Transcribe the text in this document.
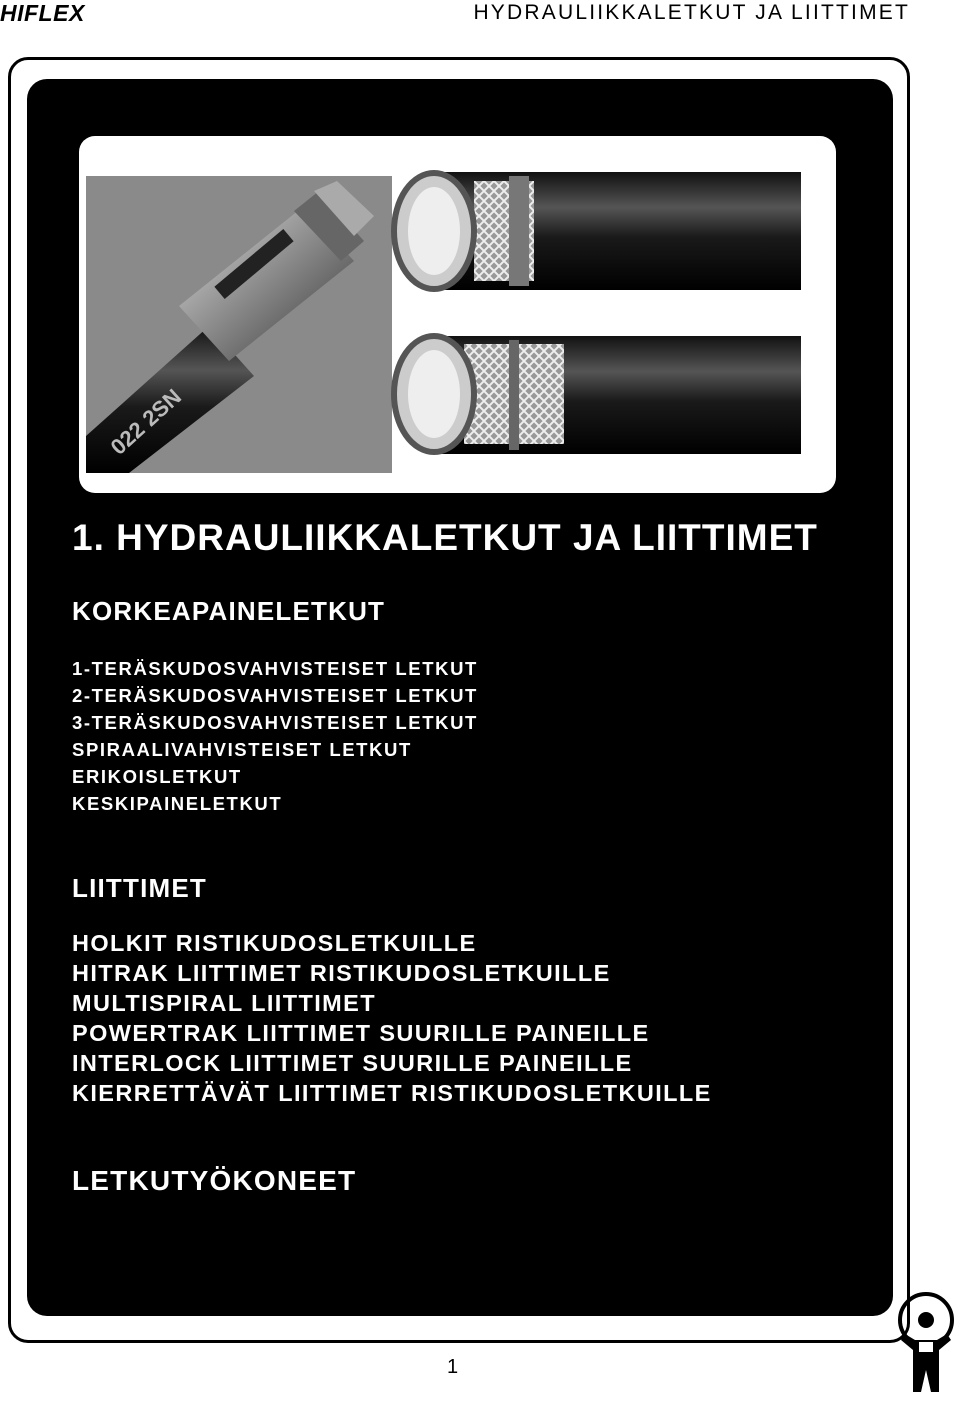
HIFLEX	HYDRAULIIKKALETKUT JA LIITTIMET
022 2SN
1. HYDRAULIIKKALETKUT JA LIITTIMET
KORKEAPAINELETKUT
1-TERÄSKUDOSVAHVISTEISET LETKUT
2-TERÄSKUDOSVAHVISTEISET LETKUT
3-TERÄSKUDOSVAHVISTEISET LETKUT
SPIRAALIVAHVISTEISET LETKUT
ERIKOISLETKUT
KESKIPAINELETKUT
LIITTIMET
HOLKIT RISTIKUDOSLETKUILLE
HITRAK LIITTIMET RISTIKUDOSLETKUILLE
MULTISPIRAL LIITTIMET
POWERTRAK LIITTIMET SUURILLE PAINEILLE
INTERLOCK LIITTIMET SUURILLE PAINEILLE
KIERRETTÄVÄT LIITTIMET RISTIKUDOSLETKUILLE
LETKUTYÖKONEET
1
